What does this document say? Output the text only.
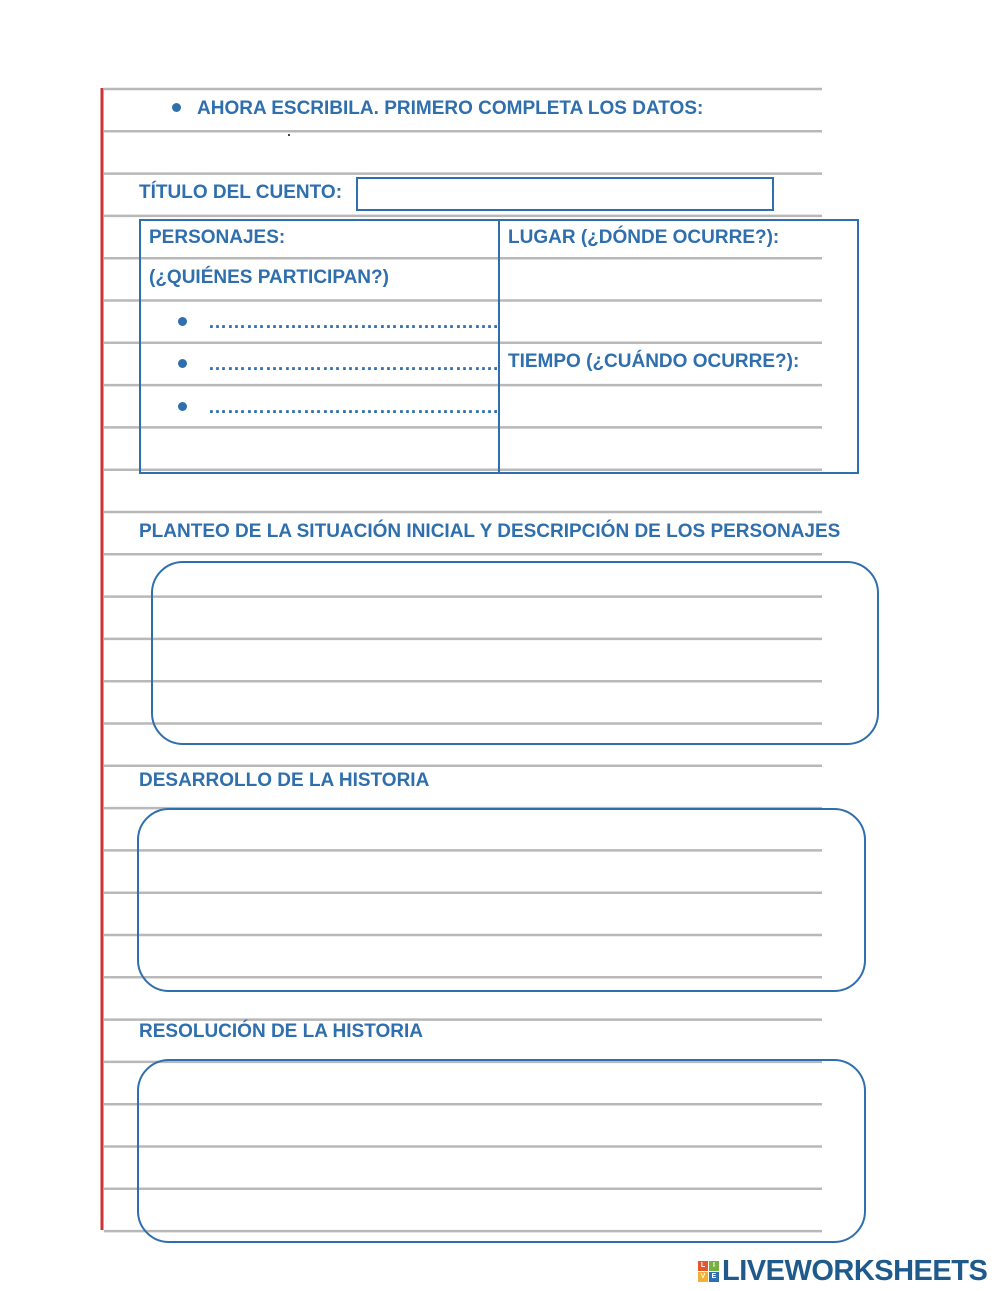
AHORA ESCRIBILA. PRIMERO COMPLETA LOS DATOS:
TÍTULO DEL CUENTO:
PERSONAJES:
(¿QUIÉNES PARTICIPAN?)
……………………………………….
……………………………………….
……………………………………….
LUGAR (¿DÓNDE OCURRE?):
TIEMPO (¿CUÁNDO OCURRE?):
PLANTEO DE LA SITUACIÓN INICIAL Y DESCRIPCIÓN DE LOS PERSONAJES
DESARROLLO DE LA HISTORIA
RESOLUCIÓN DE LA HISTORIA
L	I
V E LIVEWORKSHEETS
